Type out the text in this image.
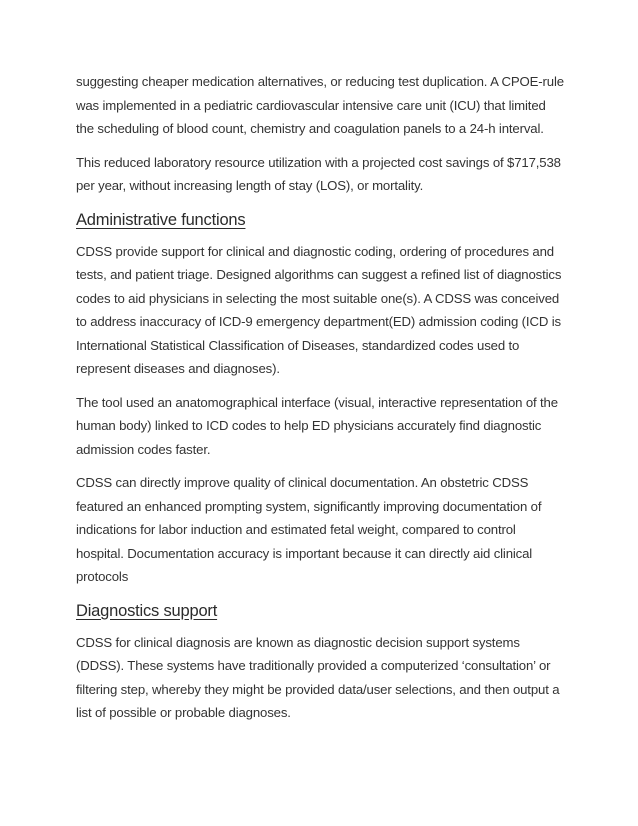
suggesting cheaper medication alternatives, or reducing test duplication. A CPOE-rule was implemented in a pediatric cardiovascular intensive care unit (ICU) that limited the scheduling of blood count, chemistry and coagulation panels to a 24-h interval.

This reduced laboratory resource utilization with a projected cost savings of $717,538 per year, without increasing length of stay (LOS), or mortality.

Administrative functions

CDSS provide support for clinical and diagnostic coding, ordering of procedures and tests, and patient triage. Designed algorithms can suggest a refined list of diagnostics codes to aid physicians in selecting the most suitable one(s). A CDSS was conceived to address inaccuracy of ICD-9 emergency department(ED) admission coding (ICD is International Statistical Classification of Diseases, standardized codes used to represent diseases and diagnoses).

The tool used an anatomographical interface (visual, interactive representation of the human body) linked to ICD codes to help ED physicians accurately find diagnostic admission codes faster.

CDSS can directly improve quality of clinical documentation. An obstetric CDSS featured an enhanced prompting system, significantly improving documentation of indications for labor induction and estimated fetal weight, compared to control hospital. Documentation accuracy is important because it can directly aid clinical protocols

Diagnostics support

CDSS for clinical diagnosis are known as diagnostic decision support systems (DDSS). These systems have traditionally provided a computerized ‘consultation’ or filtering step, whereby they might be provided data/user selections, and then output a list of possible or probable diagnoses.
